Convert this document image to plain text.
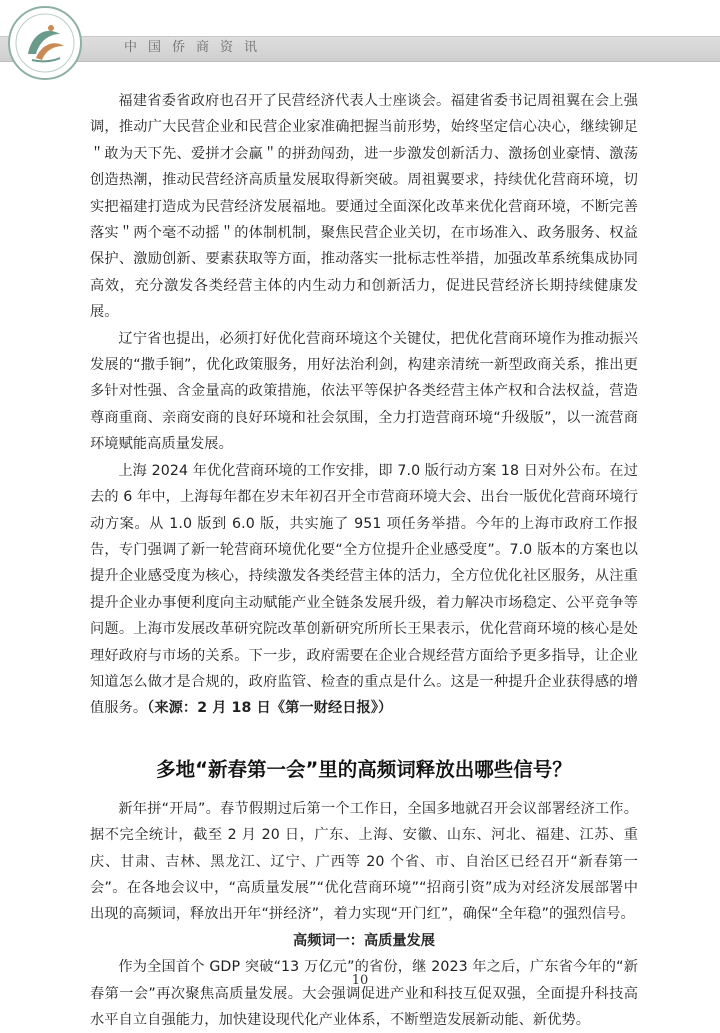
中国侨商资讯

福建省委省政府也召开了民营经济代表人士座谈会。福建省委书记周祖翼在会上强调，推动广大民营企业和民营企业家准确把握当前形势，始终坚定信心决心，继续铆足＂敢为天下先、爱拼才会赢＂的拼劲闯劲，进一步激发创新活力、激扬创业豪情、激荡创造热潮，推动民营经济高质量发展取得新突破。周祖翼要求，持续优化营商环境，切实把福建打造成为民营经济发展福地。要通过全面深化改革来优化营商环境，不断完善落实＂两个毫不动摇＂的体制机制，聚焦民营企业关切，在市场准入、政务服务、权益保护、激励创新、要素获取等方面，推动落实一批标志性举措，加强改革系统集成协同高效，充分激发各类经营主体的内生动力和创新活力，促进民营经济长期持续健康发展。

辽宁省也提出，必须打好优化营商环境这个关键仗，把优化营商环境作为推动振兴发展的“撒手锏”，优化政策服务，用好法治利剑，构建亲清统一新型政商关系，推出更多针对性强、含金量高的政策措施，依法平等保护各类经营主体产权和合法权益，营造尊商重商、亲商安商的良好环境和社会氛围，全力打造营商环境“升级版”，以一流营商环境赋能高质量发展。

上海 2024 年优化营商环境的工作安排，即 7.0 版行动方案 18 日对外公布。在过去的 6 年中，上海每年都在岁末年初召开全市营商环境大会、出台一版优化营商环境行动方案。从 1.0 版到 6.0 版，共实施了 951 项任务举措。今年的上海市政府工作报告，专门强调了新一轮营商环境优化要“全方位提升企业感受度”。7.0 版本的方案也以提升企业感受度为核心，持续激发各类经营主体的活力，全方位优化社区服务，从注重提升企业办事便利度向主动赋能产业全链条发展升级，着力解决市场稳定、公平竞争等问题。上海市发展改革研究院改革创新研究所所长王果表示，优化营商环境的核心是处理好政府与市场的关系。下一步，政府需要在企业合规经营方面给予更多指导，让企业知道怎么做才是合规的，政府监管、检查的重点是什么。这是一种提升企业获得感的增值服务。（来源：2 月 18 日《第一财经日报》）

多地“新春第一会”里的高频词释放出哪些信号？

新年拼“开局”。春节假期过后第一个工作日，全国多地就召开会议部署经济工作。据不完全统计，截至 2 月 20 日，广东、上海、安徽、山东、河北、福建、江苏、重庆、甘肃、吉林、黑龙江、辽宁、广西等 20 个省、市、自治区已经召开“新春第一会”。在各地会议中，“高质量发展”“优化营商环境”“招商引资”成为对经济发展部署中出现的高频词，释放出开年“拼经济”，着力实现“开门红”，确保“全年稳”的强烈信号。

高频词一：高质量发展

作为全国首个 GDP 突破“13 万亿元”的省份，继 2023 年之后，广东省今年的“新春第一会”再次聚焦高质量发展。大会强调促进产业和科技互促双强，全面提升科技高水平自立自强能力，加快建设现代化产业体系，不断塑造发展新动能、新优势。

10
